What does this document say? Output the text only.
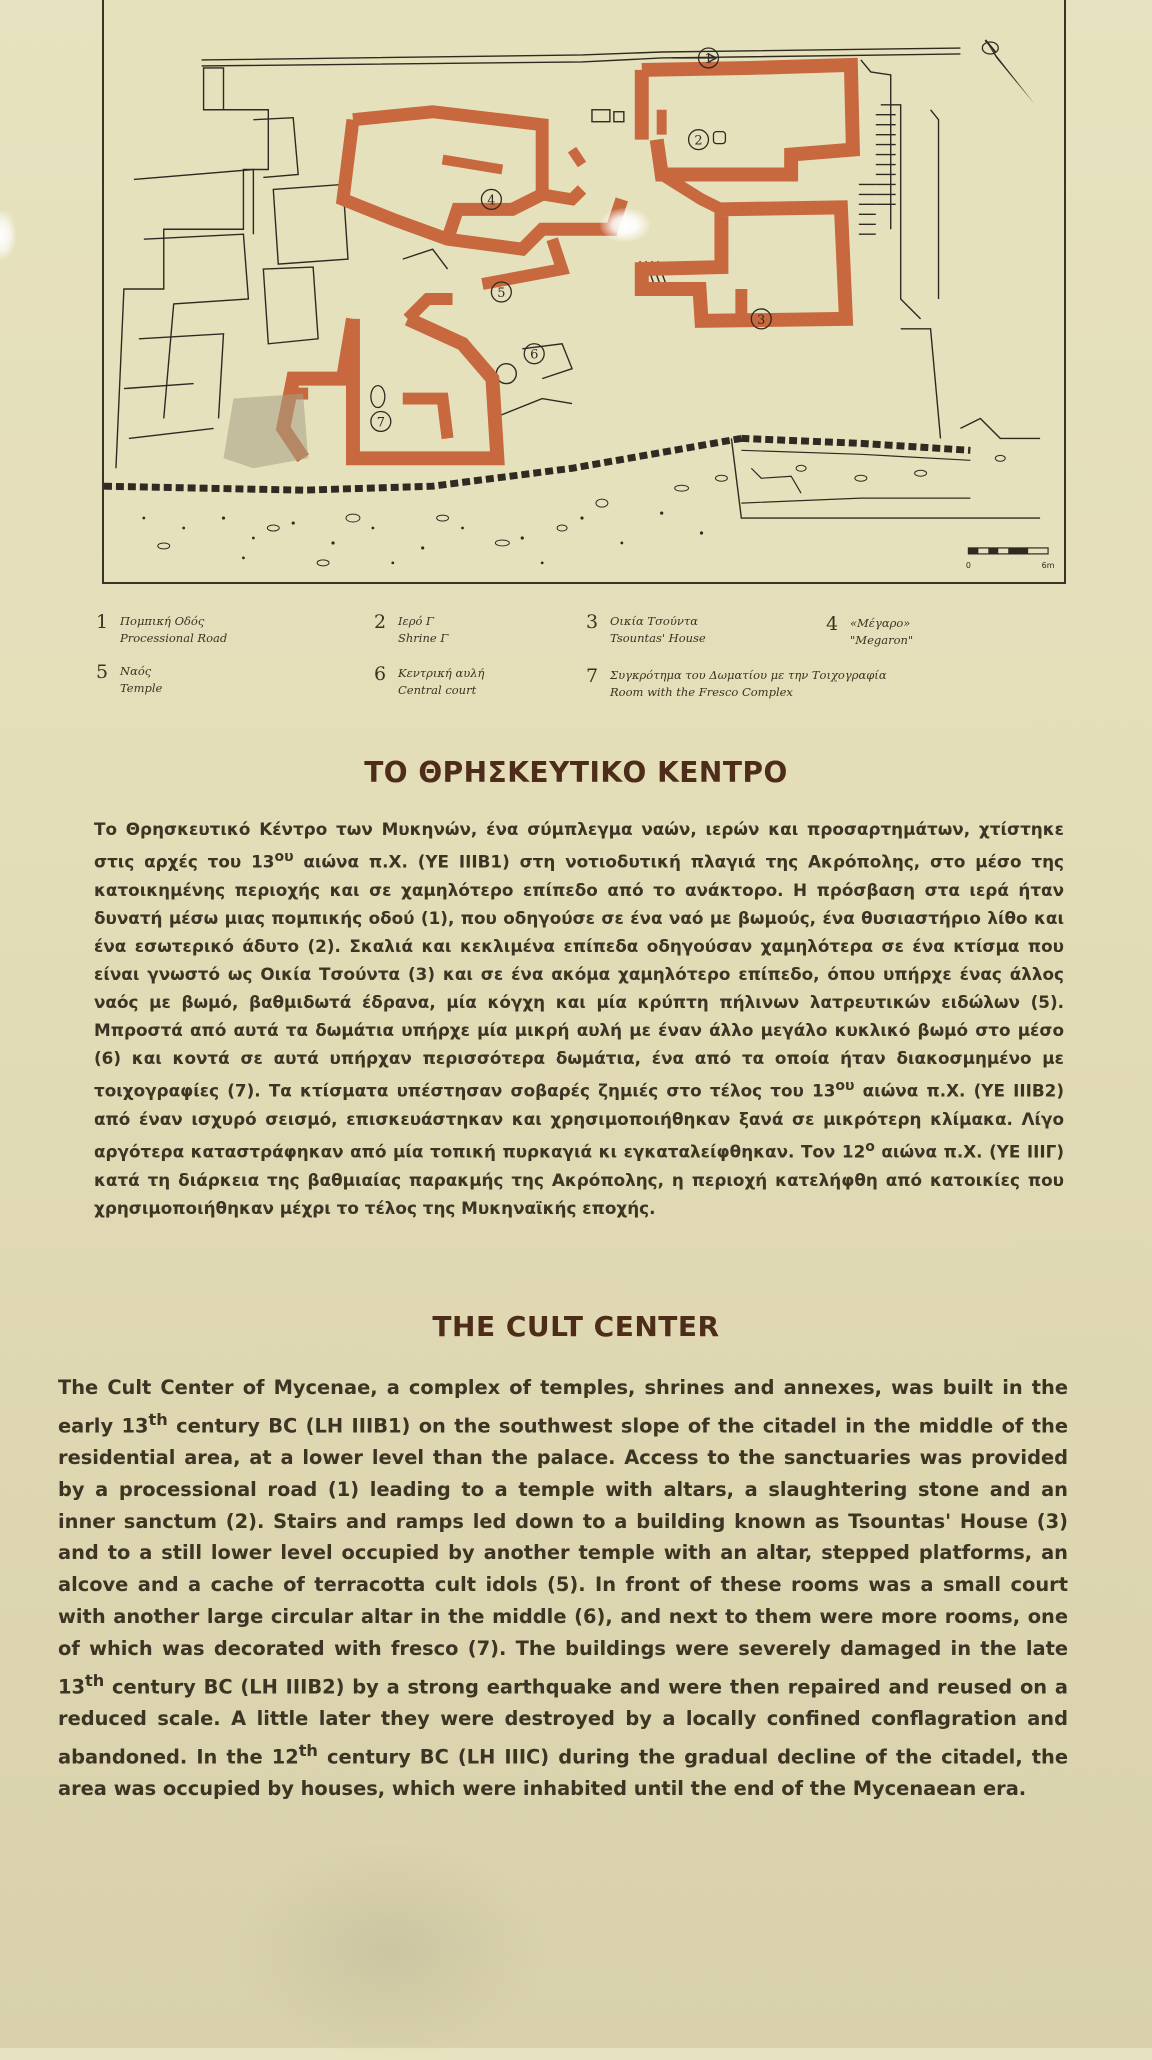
1
2
3
4
5
6
7
0	6m
1	Πομπική Οδός
Processional Road
2	Ιερό Γ
Shrine Γ
3	Οικία Τσούντα
Tsountas' House
4	«Μέγαρο»
"Megaron"
5	Ναός
Temple
6	Κεντρική αυλή
Central court
7	Συγκρότημα του Δωματίου με την Τοιχογραφία
Room with the Fresco Complex
ΤΟ ΘΡΗΣΚΕΥΤΙΚΟ ΚΕΝΤΡΟ

Το Θρησκευτικό Κέντρο των Μυκηνών, ένα σύμπλεγμα ναών, ιερών και προσαρτημάτων, χτίστηκε στις αρχές του $13^{o\upsilon}$ αιώνα π.Χ. (ΥΕ ΙΙΙΒ1) στη νοτιοδυτική πλαγιά της Ακρόπολης, στο μέσο της κατοικημένης περιοχής και σε χαμηλότερο επίπεδο από το ανάκτορο. Η πρόσβαση στα ιερά ήταν δυνατή μέσω μιας πομπικής οδού (1), που οδηγούσε σε ένα ναό με βωμούς, ένα θυσιαστήριο λίθο και ένα εσωτερικό άδυτο (2). Σκαλιά και κεκλιμένα επίπεδα οδηγούσαν χαμηλότερα σε ένα κτίσμα που είναι γνωστό ως Οικία Τσούντα (3) και σε ένα ακόμα χαμηλότερο επίπεδο, όπου υπήρχε ένας άλλος ναός με βωμό, βαθμιδωτά έδρανα, μία κόγχη και μία κρύπτη πήλινων λατρευτικών ειδώλων (5). Μπροστά από αυτά τα δωμάτια υπήρχε μία μικρή αυλή με έναν άλλο μεγάλο κυκλικό βωμό στο μέσο (6) και κοντά σε αυτά υπήρχαν περισσότερα δωμάτια, ένα από τα οποία ήταν διακοσμημένο με τοιχογραφίες (7). Τα κτίσματα υπέστησαν σοβαρές ζημιές στο τέλος του $13^{o\upsilon}$ αιώνα π.Χ. (ΥΕ ΙΙΙΒ2) από έναν ισχυρό σεισμό, επισκευάστηκαν και χρησιμοποιήθηκαν ξανά σε μικρότερη κλίμακα. Λίγο αργότερα καταστράφηκαν από μία τοπική πυρκαγιά κι εγκαταλείφθηκαν. Τον $12^o$ αιώνα π.Χ. (ΥΕ ΙΙΙΓ) κατά τη διάρκεια της βαθμιαίας παρακμής της Ακρόπολης, η περιοχή κατελήφθη από κατοικίες που χρησιμοποιήθηκαν μέχρι το τέλος της Μυκηναϊκής εποχής.

THE CULT CENTER

The Cult Center of Mycenae, a complex of temples, shrines and annexes, was built in the early 13th century BC (LH IIIB1) on the southwest slope of the citadel in the middle of the residential area, at a lower level than the palace. Access to the sanctuaries was provided by a processional road (1) leading to a temple with altars, a slaughtering stone and an inner sanctum (2). Stairs and ramps led down to a building known as Tsountas' House (3) and to a still lower level occupied by another temple with an altar, stepped platforms, an alcove and a cache of terracotta cult idols (5). In front of these rooms was a small court with another large circular altar in the middle (6), and next to them were more rooms, one of which was decorated with fresco (7). The buildings were severely damaged in the late 13th century BC (LH IIIB2) by a strong earthquake and were then repaired and reused on a reduced scale. A little later they were destroyed by a locally confined conflagration and abandoned. In the 12th century BC (LH IIIC) during the gradual decline of the citadel, the area was occupied by houses, which were inhabited until the end of the Mycenaean era.
